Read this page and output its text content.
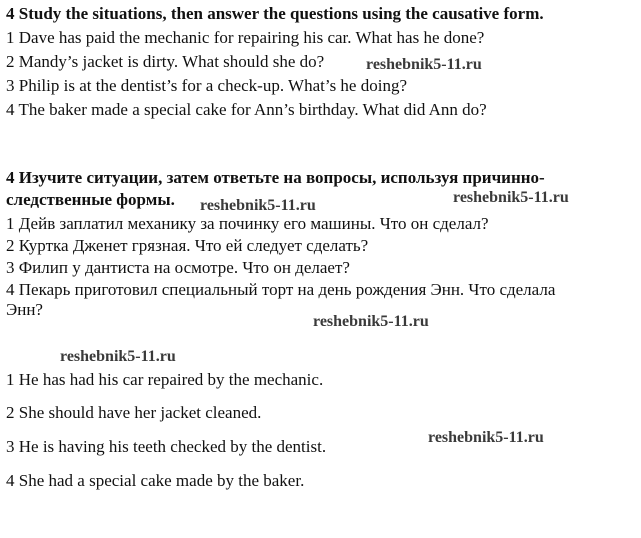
4 Study the situations, then answer the questions using the causative form.
1 Dave has paid the mechanic for repairing his car. What has he done?
2 Mandy’s jacket is dirty. What should she do?
3 Philip is at the dentist’s for a check-up. What’s he doing?
4 The baker made a special cake for Ann’s birthday. What did Ann do?
4 Изучите ситуации, затем ответьте на вопросы, используя причинно-
следственные формы.
1 Дейв заплатил механику за починку его машины. Что он сделал?
2 Куртка Дженет грязная. Что ей следует сделать?
3 Филип у дантиста на осмотре. Что он делает?
4 Пекарь приготовил специальный торт на день рождения Энн. Что сделала
Энн?
1 He has had his car repaired by the mechanic.
2 She should have her jacket cleaned.
3 He is having his teeth checked by the dentist.
4 She had a special cake made by the baker.
reshebnik5-11.ru
reshebnik5-11.ru	reshebnik5-11.ru
reshebnik5-11.ru
reshebnik5-11.ru
reshebnik5-11.ru
